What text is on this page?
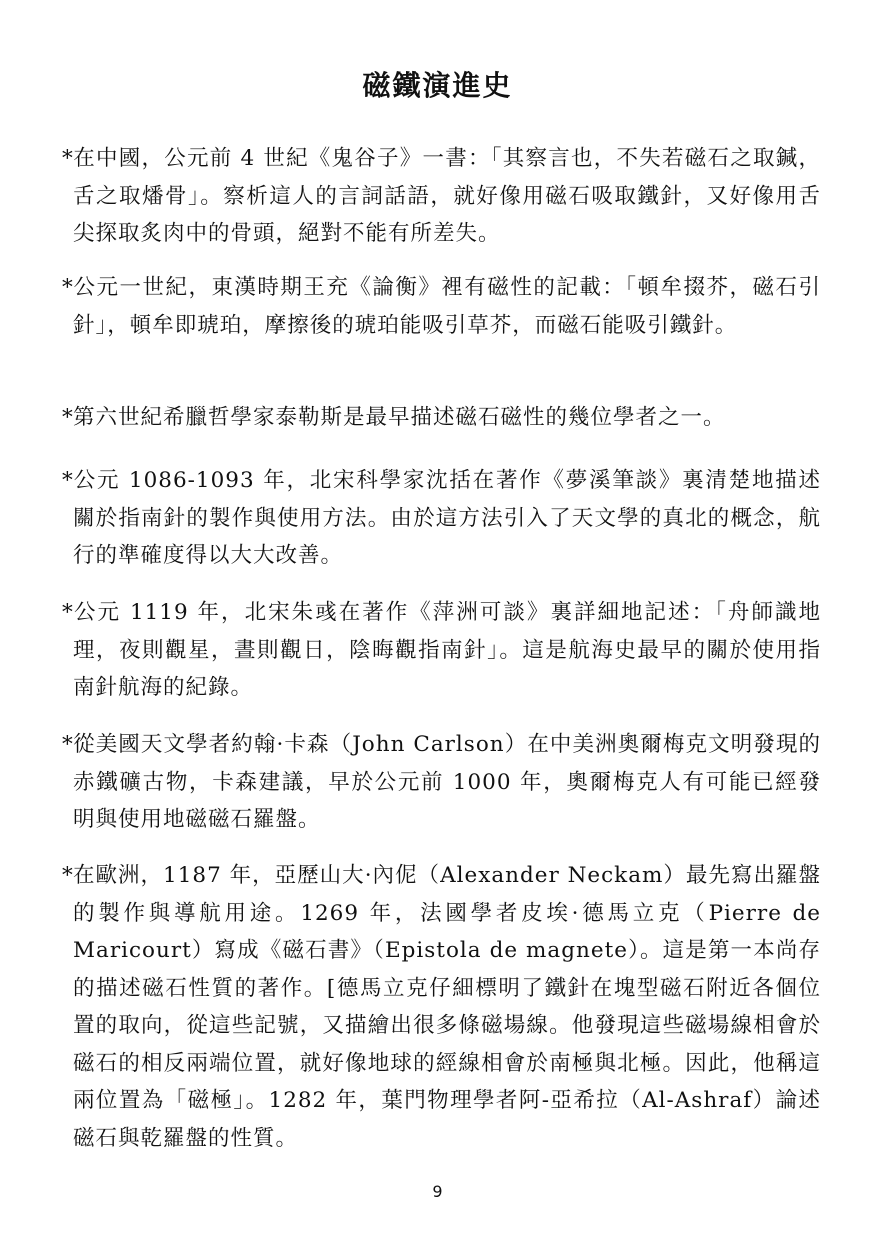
磁鐵演進史

*在中國，公元前 4 世紀《鬼谷子》一書：「其察言也，不失若磁石之取鍼，舌之取燔骨」。察析這人的言詞話語，就好像用磁石吸取鐵針，又好像用舌尖探取炙肉中的骨頭，絕對不能有所差失。

*公元一世紀，東漢時期王充《論衡》裡有磁性的記載：「頓牟掇芥，磁石引針」，頓牟即琥珀，摩擦後的琥珀能吸引草芥，而磁石能吸引鐵針。

*第六世紀希臘哲學家泰勒斯是最早描述磁石磁性的幾位學者之一。

*公元 1086-1093 年，北宋科學家沈括在著作《夢溪筆談》裏清楚地描述關於指南針的製作與使用方法。由於這方法引入了天文學的真北的概念，航行的準確度得以大大改善。

*公元 1119 年，北宋朱彧在著作《萍洲可談》裏詳細地記述：「舟師識地理，夜則觀星，晝則觀日，陰晦觀指南針」。這是航海史最早的關於使用指南針航海的紀錄。

*從美國天文學者約翰·卡森（John Carlson）在中美洲奧爾梅克文明發現的赤鐵礦古物，卡森建議，早於公元前 1000 年，奧爾梅克人有可能已經發明與使用地磁磁石羅盤。

*在歐洲，1187 年，亞歷山大·內伲（Alexander Neckam）最先寫出羅盤的製作與導航用途。1269 年，法國學者皮埃·德馬立克（Pierre de Maricourt）寫成《磁石書》（Epistola de magnete）。這是第一本尚存的描述磁石性質的著作。[德馬立克仔細標明了鐵針在塊型磁石附近各個位置的取向，從這些記號，又描繪出很多條磁場線。他發現這些磁場線相會於磁石的相反兩端位置，就好像地球的經線相會於南極與北極。因此，他稱這兩位置為「磁極」。1282 年，葉門物理學者阿-亞希拉（Al-Ashraf）論述磁石與乾羅盤的性質。

9
